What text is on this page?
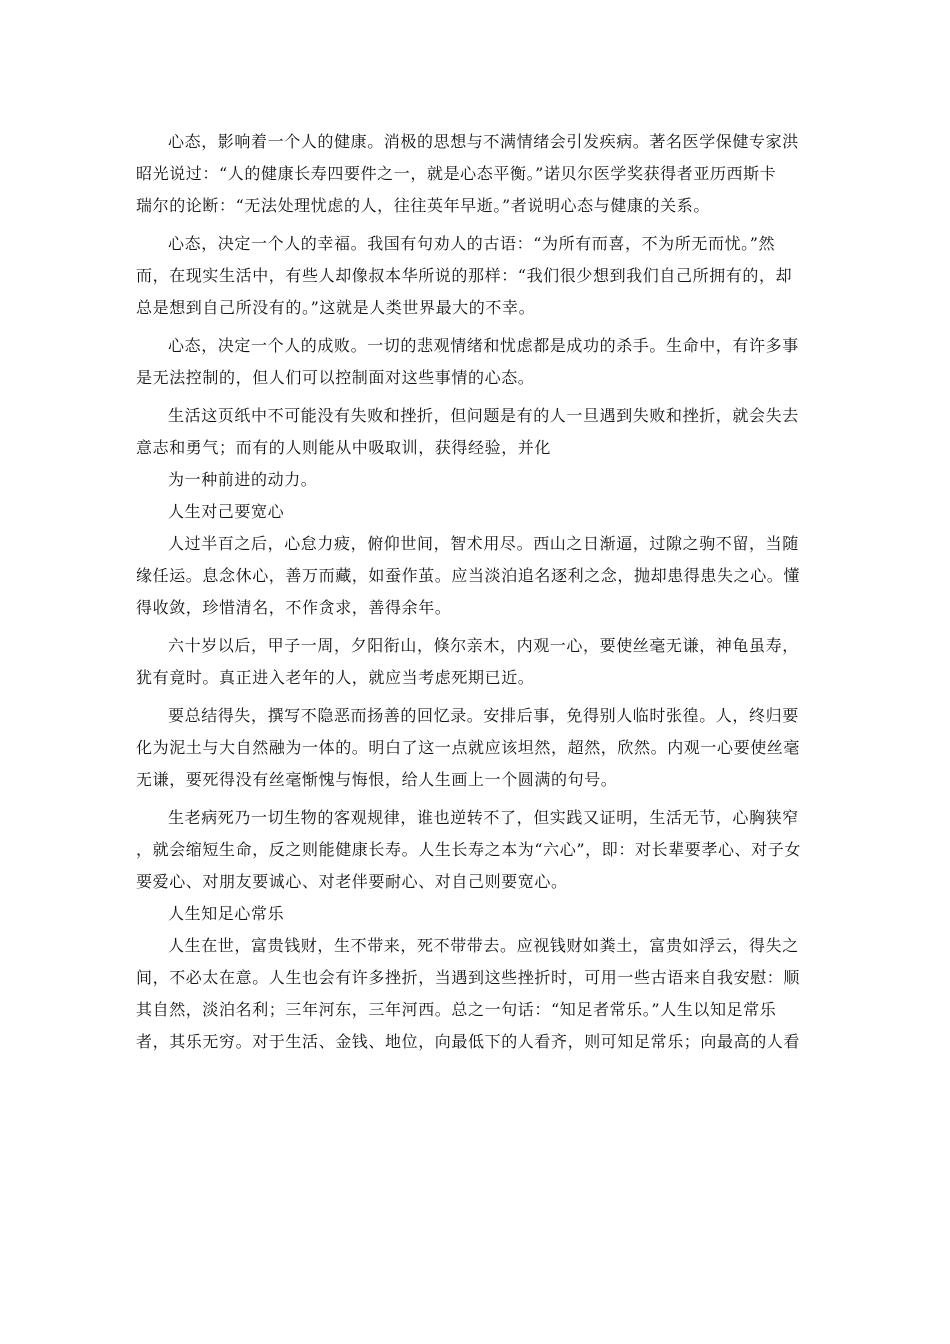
心态，影响着一个人的健康。消极的思想与不满情绪会引发疾病。著名医学保健专家洪
昭光说过：“人的健康长寿四要件之一，就是心态平衡。”诺贝尔医学奖获得者亚历西斯卡
瑞尔的论断：“无法处理忧虑的人，往往英年早逝。”者说明心态与健康的关系。

心态，决定一个人的幸福。我国有句劝人的古语：“为所有而喜，不为所无而忧。”然
而，在现实生活中，有些人却像叔本华所说的那样：“我们很少想到我们自己所拥有的，却
总是想到自己所没有的。”这就是人类世界最大的不幸。

心态，决定一个人的成败。一切的悲观情绪和忧虑都是成功的杀手。生命中，有许多事
是无法控制的，但人们可以控制面对这些事情的心态。

生活这页纸中不可能没有失败和挫折，但问题是有的人一旦遇到失败和挫折，就会失去
意志和勇气；而有的人则能从中吸取训，获得经验，并化

为一种前进的动力。

人生对己要宽心

人过半百之后，心怠力疲，俯仰世间，智术用尽。西山之日渐逼，过隙之驹不留，当随
缘任运。息念休心，善万而藏，如蚕作茧。应当淡泊追名逐利之念，抛却患得患失之心。懂
得收敛，珍惜清名，不作贪求，善得余年。

六十岁以后，甲子一周，夕阳衔山，倏尔亲木，内观一心，要使丝毫无谦，神龟虽寿，
犹有竟时。真正进入老年的人，就应当考虑死期已近。

要总结得失，撰写不隐恶而扬善的回忆录。安排后事，免得别人临时张徨。人，终归要
化为泥土与大自然融为一体的。明白了这一点就应该坦然，超然，欣然。内观一心要使丝毫
无谦，要死得没有丝毫惭愧与悔恨，给人生画上一个圆满的句号。

生老病死乃一切生物的客观规律，谁也逆转不了，但实践又证明，生活无节，心胸狭窄
，就会缩短生命，反之则能健康长寿。人生长寿之本为“六心”，即：对长辈要孝心、对子女
要爱心、对朋友要诚心、对老伴要耐心、对自己则要宽心。

人生知足心常乐

人生在世，富贵钱财，生不带来，死不带带去。应视钱财如粪土，富贵如浮云，得失之
间，不必太在意。人生也会有许多挫折，当遇到这些挫折时，可用一些古语来自我安慰：顺
其自然，淡泊名利；三年河东，三年河西。总之一句话：“知足者常乐。”人生以知足常乐
者，其乐无穷。对于生活、金钱、地位，向最低下的人看齐，则可知足常乐；向最高的人看
